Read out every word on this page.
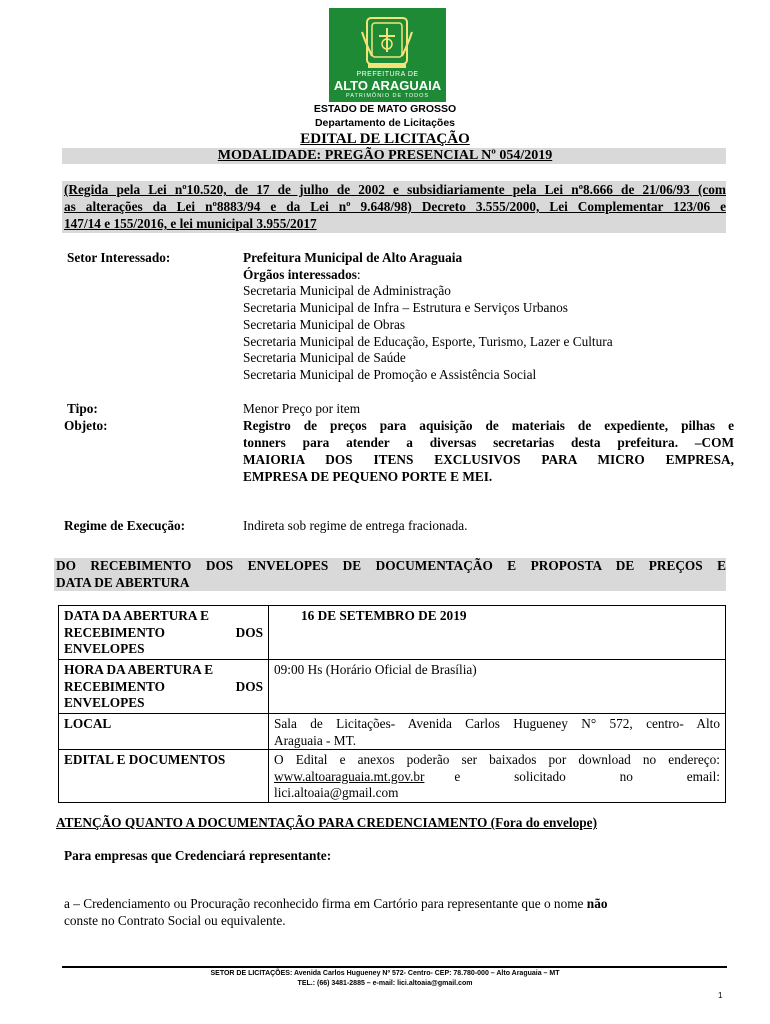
PREFEITURA DE
ALTO ARAGUAIA
PATRIMÔNIO DE TODOS
ESTADO DE MATO GROSSO
Departamento de Licitações
EDITAL DE LICITAÇÃO
MODALIDADE: PREGÃO PRESENCIAL Nº 054/2019
(Regida pela Lei nº10.520, de 17 de julho de 2002 e subsidiariamente pela Lei nº8.666 de 21/06/93 (com
as alterações da Lei nº8883/94 e da Lei nº 9.648/98) Decreto 3.555/2000, Lei Complementar 123/06 e
147/14 e 155/2016, e lei municipal 3.955/2017
Setor Interessado:	Prefeitura Municipal de Alto Araguaia
Órgãos interessados:
Secretaria Municipal de Administração
Secretaria Municipal de Infra – Estrutura e Serviços Urbanos
Secretaria Municipal de Obras
Secretaria Municipal de Educação, Esporte, Turismo, Lazer e Cultura
Secretaria Municipal de Saúde
Secretaria Municipal de Promoção e Assistência Social
Tipo:	Menor Preço por item
Objeto:	Registro de preços para aquisição de materiais de expediente, pilhas e
tonners para atender a diversas secretarias desta prefeitura. –COM
MAIORIA DOS ITENS EXCLUSIVOS PARA MICRO EMPRESA,
EMPRESA DE PEQUENO PORTE E MEI.
Regime de Execução:	Indireta sob regime de entrega fracionada.
DO RECEBIMENTO DOS ENVELOPES DE DOCUMENTAÇÃO E PROPOSTA DE PREÇOS E
DATA DE ABERTURA
DATA DA ABERTURA E
RECEBIMENTO DOS
ENVELOPES	16 DE SETEMBRO DE 2019

HORA DA ABERTURA E
RECEBIMENTO DOS
ENVELOPES	09:00 Hs (Horário Oficial de Brasília)
LOCAL	Sala de Licitações- Avenida Carlos Hugueney N° 572, centro- Alto
Araguaia - MT.

EDITAL E DOCUMENTOS	O Edital e anexos poderão ser baixados por download no endereço:
www.altoaraguaia.mt.gov.br e solicitado no email:
lici.altoaia@gmail.com
ATENÇÃO QUANTO A DOCUMENTAÇÃO PARA CREDENCIAMENTO (Fora do envelope)
Para empresas que Credenciará representante:
a – Credenciamento ou Procuração reconhecido firma em Cartório para representante que o nome não
conste no Contrato Social ou equivalente.
SETOR DE LICITAÇÕES: Avenida Carlos Hugueney Nº 572- Centro- CEP: 78.780-000 – Alto Araguaia – MT
TEL.: (66) 3481-2885 – e-mail: lici.altoaia@gmail.com
1
